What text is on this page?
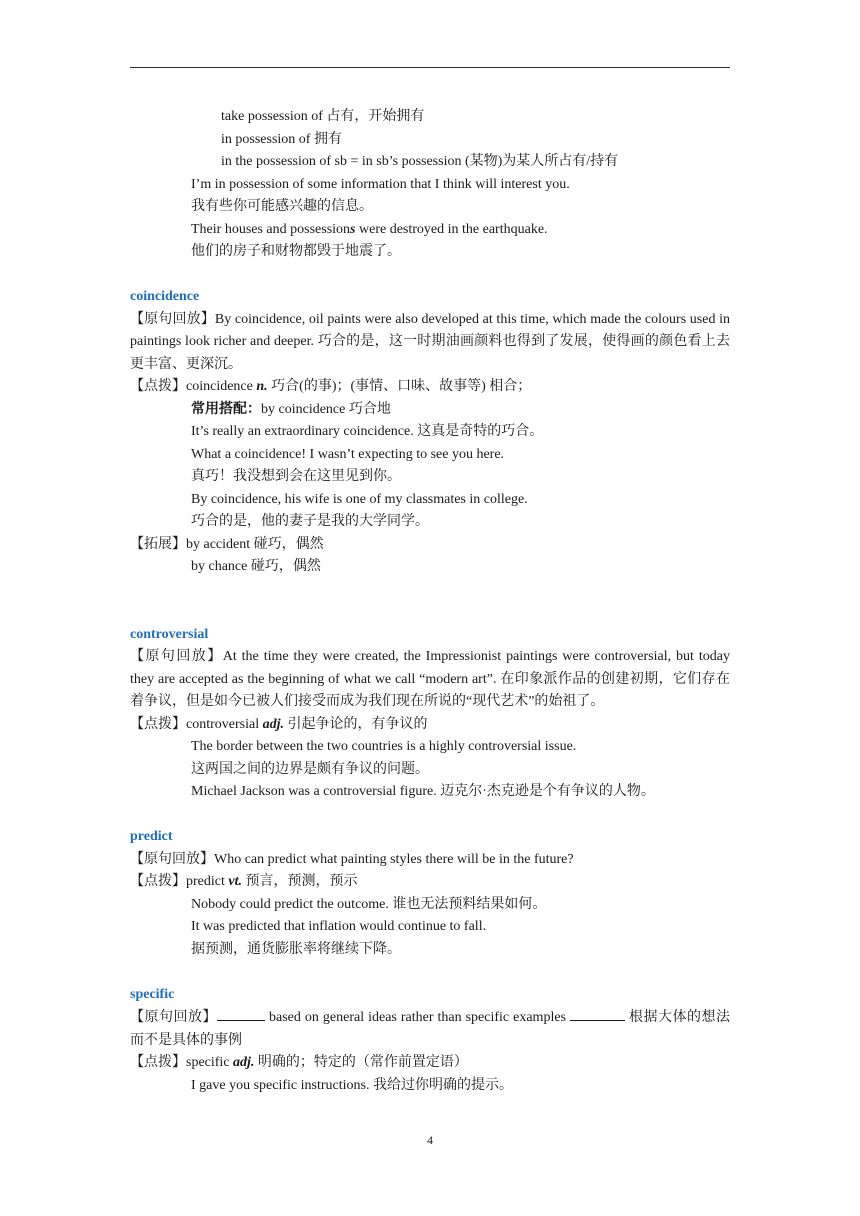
take possession of 占有，开始拥有
in possession of 拥有
in the possession of sb = in sb’s possession (某物)为某人所占有/持有
I’m in possession of some information that I think will interest you.
我有些你可能感兴趣的信息。
Their houses and possessions were destroyed in the earthquake.
他们的房子和财物都毁于地震了。
coincidence
【原句回放】By coincidence, oil paints were also developed at this time, which made the colours used in paintings look richer and deeper. 巧合的是，这一时期油画颜料也得到了发展，使得画的颜色看上去更丰富、更深沉。
【点拨】coincidence n. 巧合(的事)；(事情、口味、故事等) 相合；
常用搭配：by coincidence 巧合地
It’s really an extraordinary coincidence. 这真是奇特的巧合。
What a coincidence! I wasn’t expecting to see you here.
真巧！我没想到会在这里见到你。
By coincidence, his wife is one of my classmates in college.
巧合的是，他的妻子是我的大学同学。
【拓展】by accident 碰巧，偶然
by chance 碰巧，偶然
controversial
【原句回放】At the time they were created, the Impressionist paintings were controversial, but today they are accepted as the beginning of what we call “modern art”. 在印象派作品的创建初期，它们存在着争议，但是如今已被人们接受而成为我们现在所说的“现代艺术”的始祖了。
【点拨】controversial adj. 引起争论的，有争议的
The border between the two countries is a highly controversial issue.
这两国之间的边界是颇有争议的问题。
Michael Jackson was a controversial figure. 迈克尔·杰克逊是个有争议的人物。
predict
【原句回放】Who can predict what painting styles there will be in the future?
【点拨】predict vt. 预言，预测，预示
Nobody could predict the outcome. 谁也无法预料结果如何。
It was predicted that inflation would continue to fall.
据预测，通货膨胀率将继续下降。
specific
【原句回放】	based on general ideas rather than specific examples	根据大体的想法而不是具体的事例
【点拨】specific adj. 明确的；特定的（常作前置定语）
I gave you specific instructions. 我给过你明确的提示。
4
